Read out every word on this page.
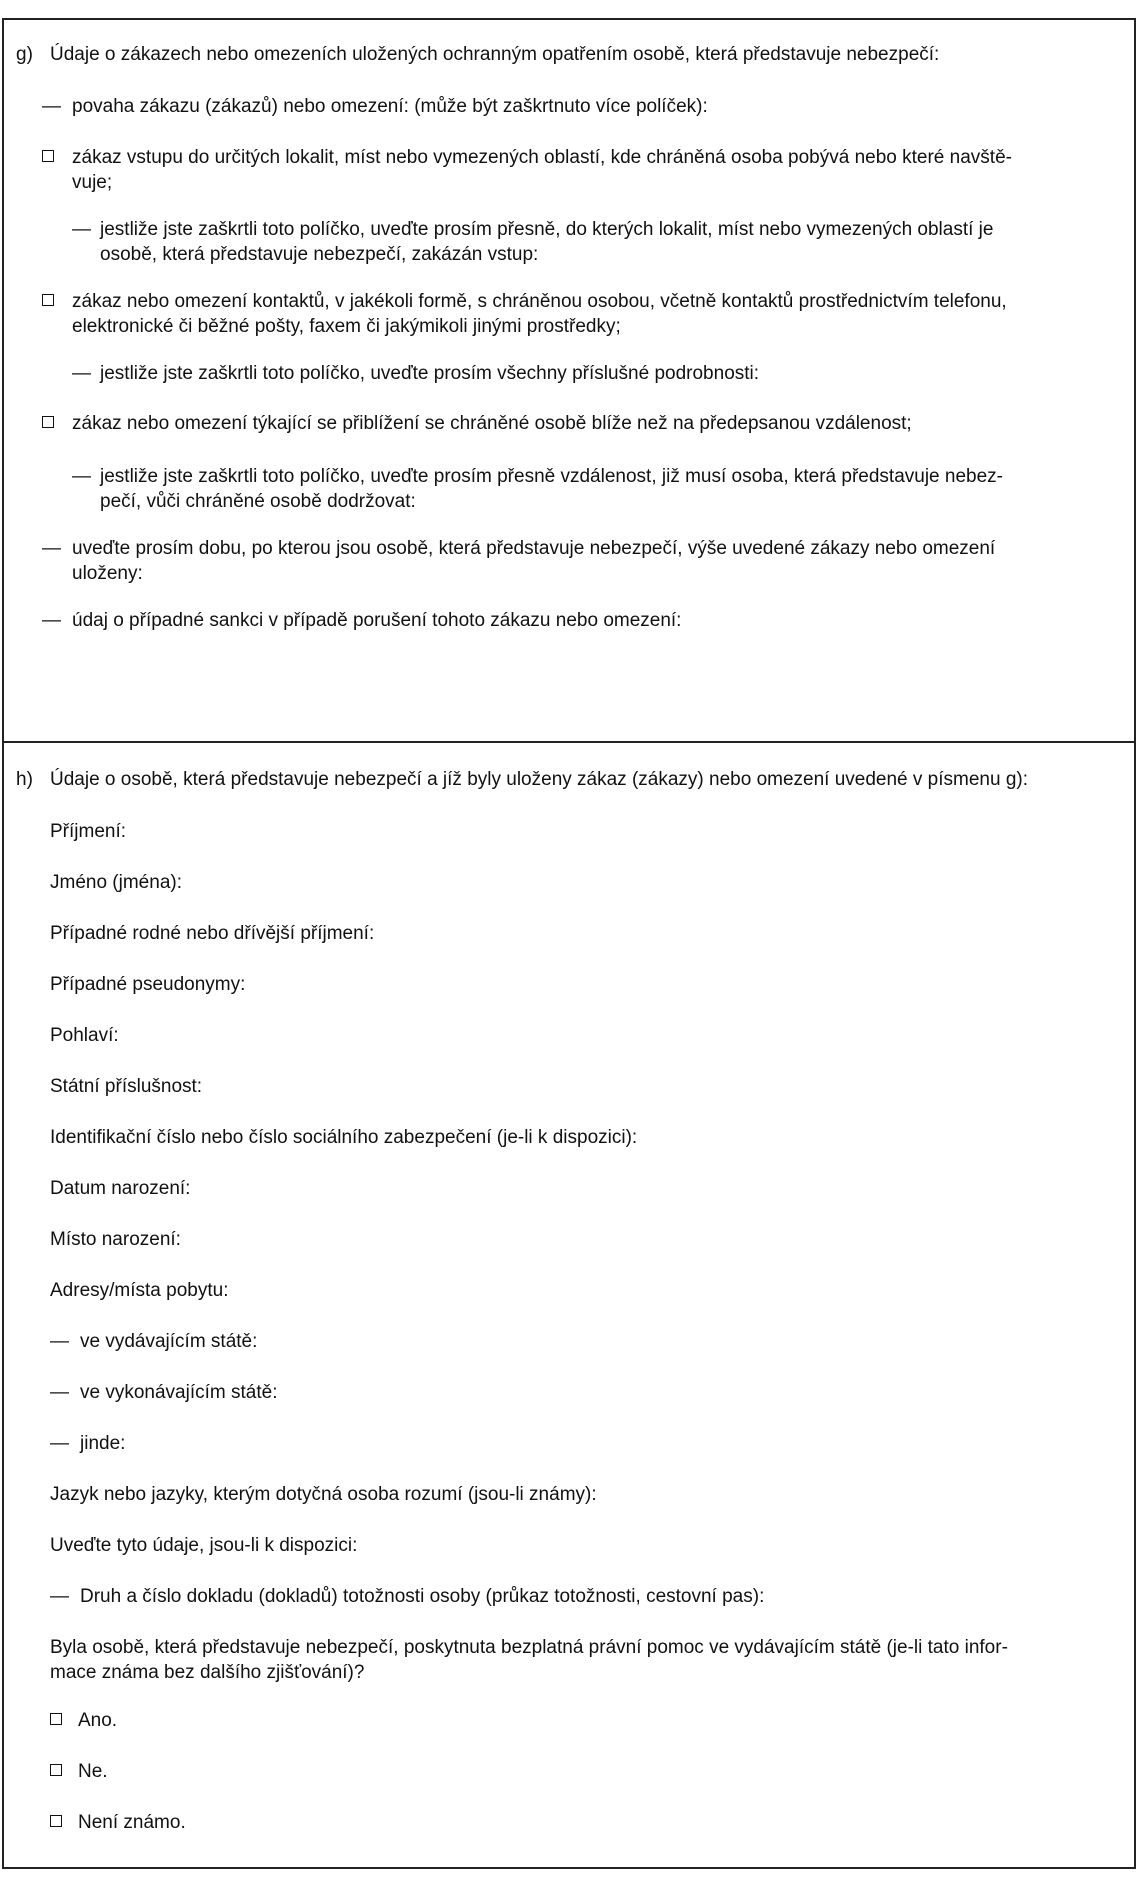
g) Údaje o zákazech nebo omezeních uložených ochranným opatřením osobě, která představuje nebezpečí:
povaha zákazu (zákazů) nebo omezení: (může být zaškrtnuto více políček):
zákaz vstupu do určitých lokalit, míst nebo vymezených oblastí, kde chráněná osoba pobývá nebo které navště-
vuje;
— jestliže jste zaškrtli toto políčko, uveďte prosím přesně, do kterých lokalit, míst nebo vymezených oblastí je
osobě, která představuje nebezpečí, zakázán vstup:
zákaz nebo omezení kontaktů, v jakékoli formě, s chráněnou osobou, včetně kontaktů prostřednictvím telefonu,
elektronické či běžné pošty, faxem či jakýmikoli jinými prostředky;
jestliže jste zaškrtli toto políčko, uveďte prosím všechny příslušné podrobnosti:
zákaz nebo omezení týkající se přiblížení se chráněné osobě blíže než na předepsanou vzdálenost;
— jestliže jste zaškrtli toto políčko, uveďte prosím přesně vzdálenost, již musí osoba, která představuje nebez-
pečí, vůči chráněné osobě dodržovat:
— uveďte prosím dobu, po kterou jsou osobě, která představuje nebezpečí, výše uvedené zákazy nebo omezení
uloženy:
údaj o případné sankci v případě porušení tohoto zákazu nebo omezení:
h) Údaje o osobě, která představuje nebezpečí a jíž byly uloženy zákaz (zákazy) nebo omezení uvedené v písmenu g):
Příjmení:
Jméno (jména):
Případné rodné nebo dřívější příjmení:
Případné pseudonymy:
Pohlaví:
Státní příslušnost:
Identifikační číslo nebo číslo sociálního zabezpečení (je-li k dispozici):
Datum narození:
Místo narození:
Adresy/místa pobytu:
ve vydávajícím státě:
ve vykonávajícím státě:
jinde:
Jazyk nebo jazyky, kterým dotyčná osoba rozumí (jsou-li známy):
Uveďte tyto údaje, jsou-li k dispozici:
Druh a číslo dokladu (dokladů) totožnosti osoby (průkaz totožnosti, cestovní pas):
Byla osobě, která představuje nebezpečí, poskytnuta bezplatná právní pomoc ve vydávajícím státě (je-li tato infor-
mace známa bez dalšího zjišťování)?
Ano.
Ne.
Není známo.
